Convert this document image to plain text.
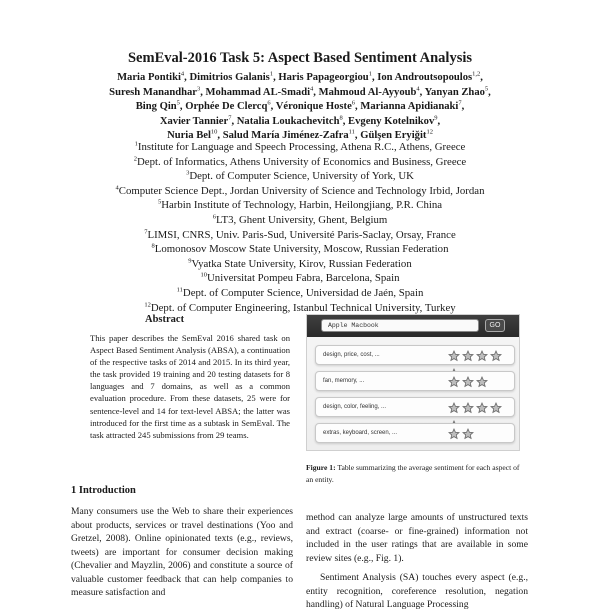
SemEval-2016 Task 5: Aspect Based Sentiment Analysis
Maria Pontiki$^4$, Dimitrios Galanis$^1$, Haris Papageorgiou$^1$, Ion Androutsopoulos$^{1,2}$,
Suresh Manandhar$^3$, Mohammad AL-Smadi$^4$, Mahmoud Al-Ayyoub$^4$, Yanyan Zhao$^5$,
Bing Qin$^5$, Orphée De Clercq$^6$, Véronique Hoste$^6$, Marianna Apidianaki$^7$,
Xavier Tannier$^7$, Natalia Loukachevitch$^8$, Evgeny Kotelnikov$^9$,
Nuria Bel$^{10}$, Salud María Jiménez-Zafra$^{11}$, Gülşen Eryiğit$^{12}$
$^1$Institute for Language and Speech Processing, Athena R.C., Athens, Greece
$^2$Dept. of Informatics, Athens University of Economics and Business, Greece
$^3$Dept. of Computer Science, University of York, UK
$^4$Computer Science Dept., Jordan University of Science and Technology Irbid, Jordan
$^5$Harbin Institute of Technology, Harbin, Heilongjiang, P.R. China
$^6$LT3, Ghent University, Ghent, Belgium
$^7$LIMSI, CNRS, Univ. Paris-Sud, Université Paris-Saclay, Orsay, France
$^8$Lomonosov Moscow State University, Moscow, Russian Federation
$^9$Vyatka State University, Kirov, Russian Federation
$^{10}$Universitat Pompeu Fabra, Barcelona, Spain
$^{11}$Dept. of Computer Science, Universidad de Jaén, Spain
$^{12}$Dept. of Computer Engineering, Istanbul Technical University, Turkey
Abstract
This paper describes the SemEval 2016 shared task on Aspect Based Sentiment Analysis (ABSA), a continuation of the respective tasks of 2014 and 2015. In its third year, the task provided 19 training and 20 testing datasets for 8 languages and 7 domains, as well as a common evaluation procedure. From these datasets, 25 were for sentence-level and 14 for text-level ABSA; the latter was introduced for the first time as a subtask in SemEval. The task attracted 245 submissions from 29 teams.
Apple Macbook	GO
design, price, cost, ...
fan, memory, ...
design, color, feeling, ...
extras, keyboard, screen, ...
Figure 1: Table summarizing the average sentiment for each aspect of an entity.
1 Introduction
Many consumers use the Web to share their experiences about products, services or travel destinations (Yoo and Gretzel, 2008). Online opinionated texts (e.g., reviews, tweets) are important for consumer decision making (Chevalier and Mayzlin, 2006) and constitute a source of valuable customer feedback that can help companies to measure satisfaction and
method can analyze large amounts of unstructured texts and extract (coarse- or fine-grained) information not included in the user ratings that are available in some review sites (e.g., Fig. 1).
Sentiment Analysis (SA) touches every aspect (e.g., entity recognition, coreference resolution, negation handling) of Natural Language Processing
